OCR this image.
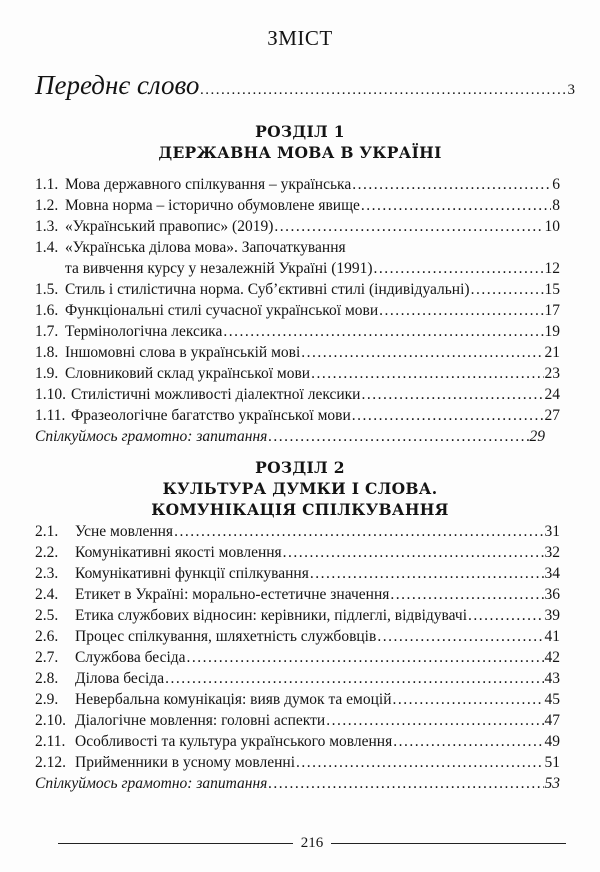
ЗМІСТ
Переднє слово .....	3
РОЗДІЛ 1
ДЕРЖАВНА МОВА В УКРАЇНІ
1.1. Мова державного спілкування – українська .....	6
1.2. Мовна норма – історично обумовлене явище .....	8
1.3. «Український правопис» (2019) .....	10
1.4. «Українська ділова мова». Започаткування
та вивчення курсу у незалежній Україні (1991) .....	12
1.5. Стиль і стилістична норма. Суб’єктивні стилі (індивідуальні) .....	15
1.6. Функціональні стилі сучасної української мови .....	17
1.7. Термінологічна лексика .....	19
1.8. Іншомовні слова в українській мові .....	21
1.9. Словниковий склад української мови .....	23
1.10. Стилістичні можливості діалектної лексики .....	24
1.11. Фразеологічне багатство української мови .....	27
Спілкуймось грамотно: запитання .....	29
РОЗДІЛ 2
КУЛЬТУРА ДУМКИ І СЛОВА.
КОМУНІКАЦІЯ СПІЛКУВАННЯ
2.1.	Усне мовлення .....	31
2.2.	Комунікативні якості мовлення .....	32
2.3.	Комунікативні функції спілкування .....	34
2.4.	Етикет в Україні: морально-естетичне значення .....	36
2.5.	Етика службових відносин: керівники, підлеглі, відвідувачі .....	39
2.6.	Процес спілкування, шляхетність службовців .....	41
2.7.	Службова бесіда .....	42
2.8.	Ділова бесіда .....	43
2.9.	Невербальна комунікація: вияв думок та емоцій .....	45
2.10. Діалогічне мовлення: головні аспекти .....	47
2.11. Особливості та культура українського мовлення .....	49
2.12. Прийменники в усному мовленні .....	51
Спілкуймось грамотно: запитання .....	53
216
